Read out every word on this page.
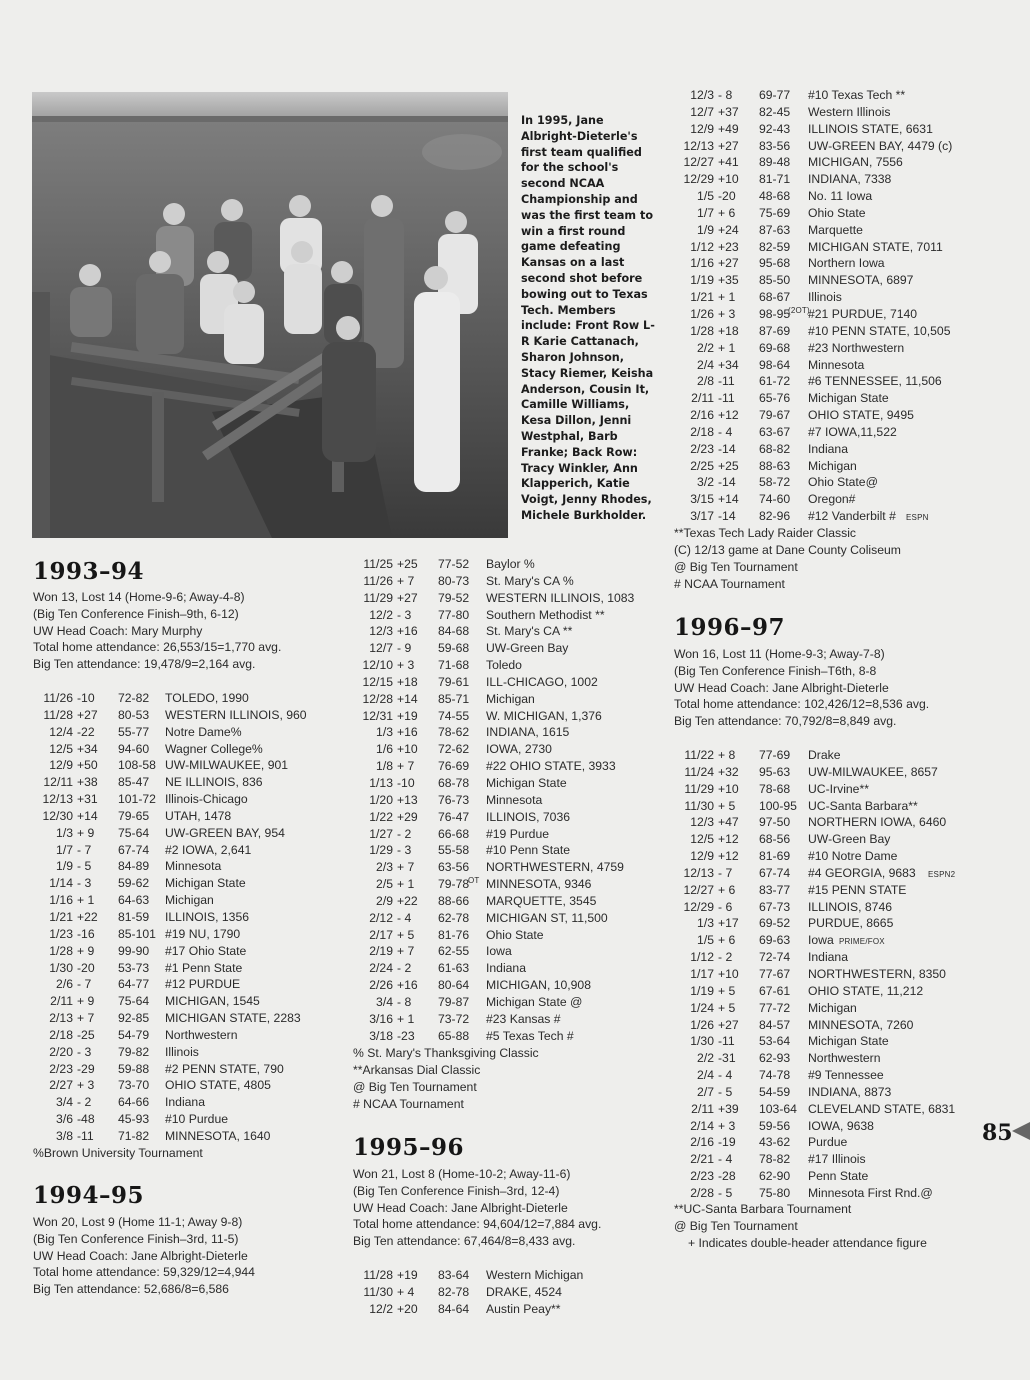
In 1995, Jane Albright-Dieterle's first team qualified for the school's second NCAA Championship and was the first team to win a first round game defeating Kansas on a last second shot before bowing out to Texas Tech. Members include: Front Row L-R Karie Cattanach, Sharon Johnson, Stacy Riemer, Keisha Anderson, Cousin It, Camille Williams, Kesa Dillon, Jenni Westphal, Barb Franke; Back Row: Tracy Winkler, Ann Klapperich, Katie Voigt, Jenny Rhodes, Michele Burkholder.
1993–94
Won 13, Lost 14 (Home-9-6; Away-4-8)
(Big Ten Conference Finish–9th, 6-12)
UW Head Coach: Mary Murphy
Total home attendance: 26,553/15=1,770 avg.
Big Ten attendance: 19,478/9=2,164 avg.
11/26 -10 72-82 TOLEDO, 1990
11/28 +27 80-53 WESTERN ILLINOIS, 960
12/4 -22 55-77 Notre Dame%
12/5 +34 94-60 Wagner College%
12/9 +50 108-58 UW-MILWAUKEE, 901
12/11 +38 85-47 NE ILLINOIS, 836
12/13 +31 101-72 Illinois-Chicago
12/30 +14 79-65 UTAH, 1478
1/3 + 9 75-64 UW-GREEN BAY, 954
1/7 - 7 67-74 #2 IOWA, 2,641
1/9 - 5 84-89 Minnesota
1/14 - 3 59-62 Michigan State
1/16 + 1 64-63 Michigan
1/21 +22 81-59 ILLINOIS, 1356
1/23 -16 85-101 #19 NU, 1790
1/28 + 9 99-90 #17 Ohio State
1/30 -20 53-73 #1 Penn State
2/6 - 7 64-77 #12 PURDUE
2/11 + 9 75-64 MICHIGAN, 1545
2/13 + 7 92-85 MICHIGAN STATE, 2283
2/18 -25 54-79 Northwestern
2/20 - 3 79-82 Illinois
2/23 -29 59-88 #2 PENN STATE, 790
2/27 + 3 73-70 OHIO STATE, 4805
3/4 - 2 64-66 Indiana
3/6 -48 45-93 #10 Purdue
3/8 -11 71-82 MINNESOTA, 1640
%Brown University Tournament
1994–95
Won 20, Lost 9 (Home 11-1; Away 9-8)
(Big Ten Conference Finish–3rd, 11-5)
UW Head Coach: Jane Albright-Dieterle
Total home attendance: 59,329/12=4,944
Big Ten attendance: 52,686/8=6,586
11/25 +25 77-52 Baylor %
11/26 + 7 80-73 St. Mary's CA %
11/29 +27 79-52 WESTERN ILLINOIS, 1083
12/2 - 3 77-80 Southern Methodist **
12/3 +16 84-68 St. Mary's CA **
12/7 - 9 59-68 UW-Green Bay
12/10 + 3 71-68 Toledo
12/15 +18 79-61 ILL-CHICAGO, 1002
12/28 +14 85-71 Michigan
12/31 +19 74-55 W. MICHIGAN, 1,376
1/3 +16 78-62 INDIANA, 1615
1/6 +10 72-62 IOWA, 2730
1/8 + 7 76-69 #22 OHIO STATE, 3933
1/13 -10 68-78 Michigan State
1/20 +13 76-73 Minnesota
1/22 +29 76-47 ILLINOIS, 7036
1/27 - 2 66-68 #19 Purdue
1/29 - 3 55-58 #10 Penn State
2/3 + 7 63-56 NORTHWESTERN, 4759
2/5 + 1 79-78 MINNESOTA, 9346
OT
2/9 +22 88-66 MARQUETTE, 3545
2/12 - 4 62-78 MICHIGAN ST, 11,500
2/17 + 5 81-76 Ohio State
2/19 + 7 62-55 Iowa
2/24 - 2 61-63 Indiana
2/26 +16 80-64 MICHIGAN, 10,908
3/4 - 8 79-87 Michigan State @
3/16 + 1 73-72 #23 Kansas #
3/18 -23 65-88 #5 Texas Tech #
% St. Mary's Thanksgiving Classic
**Arkansas Dial Classic
@ Big Ten Tournament
# NCAA Tournament
1995–96
Won 21, Lost 8 (Home-10-2; Away-11-6)
(Big Ten Conference Finish–3rd, 12-4)
UW Head Coach: Jane Albright-Dieterle
Total home attendance: 94,604/12=7,884 avg.
Big Ten attendance: 67,464/8=8,433 avg.
11/28 +19 83-64 Western Michigan
11/30 + 4 82-78 DRAKE, 4524
12/2 +20 84-64 Austin Peay**
12/3 - 8 69-77 #10 Texas Tech **
12/7 +37 82-45 Western Illinois
12/9 +49 92-43 ILLINOIS STATE, 6631
12/13 +27 83-56 UW-GREEN BAY, 4479 (c)
12/27 +41 89-48 MICHIGAN, 7556
12/29 +10 81-71 INDIANA, 7338
1/5 -20 48-68 No. 11 Iowa
1/7 + 6 75-69 Ohio State
1/9 +24 87-63 Marquette
1/12 +23 82-59 MICHIGAN STATE, 7011
1/16 +27 95-68 Northern Iowa
1/19 +35 85-50 MINNESOTA, 6897
1/21 + 1 68-67 Illinois
1/26 + 3 98-95 #21 PURDUE, 7140
(2OT)
1/28 +18 87-69 #10 PENN STATE, 10,505
2/2 + 1 69-68 #23 Northwestern
2/4 +34 98-64 Minnesota
2/8 -11 61-72 #6 TENNESSEE, 11,506
2/11 -11 65-76 Michigan State
2/16 +12 79-67 OHIO STATE, 9495
2/18 - 4 63-67 #7 IOWA,11,522
2/23 -14 68-82 Indiana
2/25 +25 88-63 Michigan
3/2 -14 58-72 Ohio State@
3/15 +14 74-60 Oregon#
3/17 -14 82-96 #12 Vanderbilt # ESPN
**Texas Tech Lady Raider Classic
(C) 12/13 game at Dane County Coliseum
@ Big Ten Tournament
# NCAA Tournament
1996–97
Won 16, Lost 11 (Home-9-3; Away-7-8)
(Big Ten Conference Finish–T6th, 8-8
UW Head Coach: Jane Albright-Dieterle
Total home attendance: 102,426/12=8,536 avg.
Big Ten attendance: 70,792/8=8,849 avg.
11/22 + 8 77-69 Drake
11/24 +32 95-63 UW-MILWAUKEE, 8657
11/29 +10 78-68 UC-Irvine**
11/30 + 5 100-95 UC-Santa Barbara**
12/3 +47 97-50 NORTHERN IOWA, 6460
12/5 +12 68-56 UW-Green Bay
12/9 +12 81-69 #10 Notre Dame
12/13 - 7 67-74 #4 GEORGIA, 9683 ESPN2
12/27 + 6 83-77 #15 PENN STATE
12/29 - 6 67-73 ILLINOIS, 8746
1/3 +17 69-52 PURDUE, 8665
1/5 + 6 69-63 Iowa PRIME/FOX
1/12 - 2 72-74 Indiana
1/17 +10 77-67 NORTHWESTERN, 8350
1/19 + 5 67-61 OHIO STATE, 11,212
1/24 + 5 77-72 Michigan
1/26 +27 84-57 MINNESOTA, 7260
1/30 -11 53-64 Michigan State
2/2 -31 62-93 Northwestern
2/4 - 4 74-78 #9 Tennessee
2/7 - 5 54-59 INDIANA, 8873
2/11 +39 103-64 CLEVELAND STATE, 6831
2/14 + 3 59-56 IOWA, 9638
2/16 -19 43-62 Purdue
2/21 - 4 78-82 #17 Illinois
2/23 -28 62-90 Penn State
2/28 - 5 75-80 Minnesota First Rnd.@
**UC-Santa Barbara Tournament
@ Big Ten Tournament
+ Indicates double-header attendance figure
85
